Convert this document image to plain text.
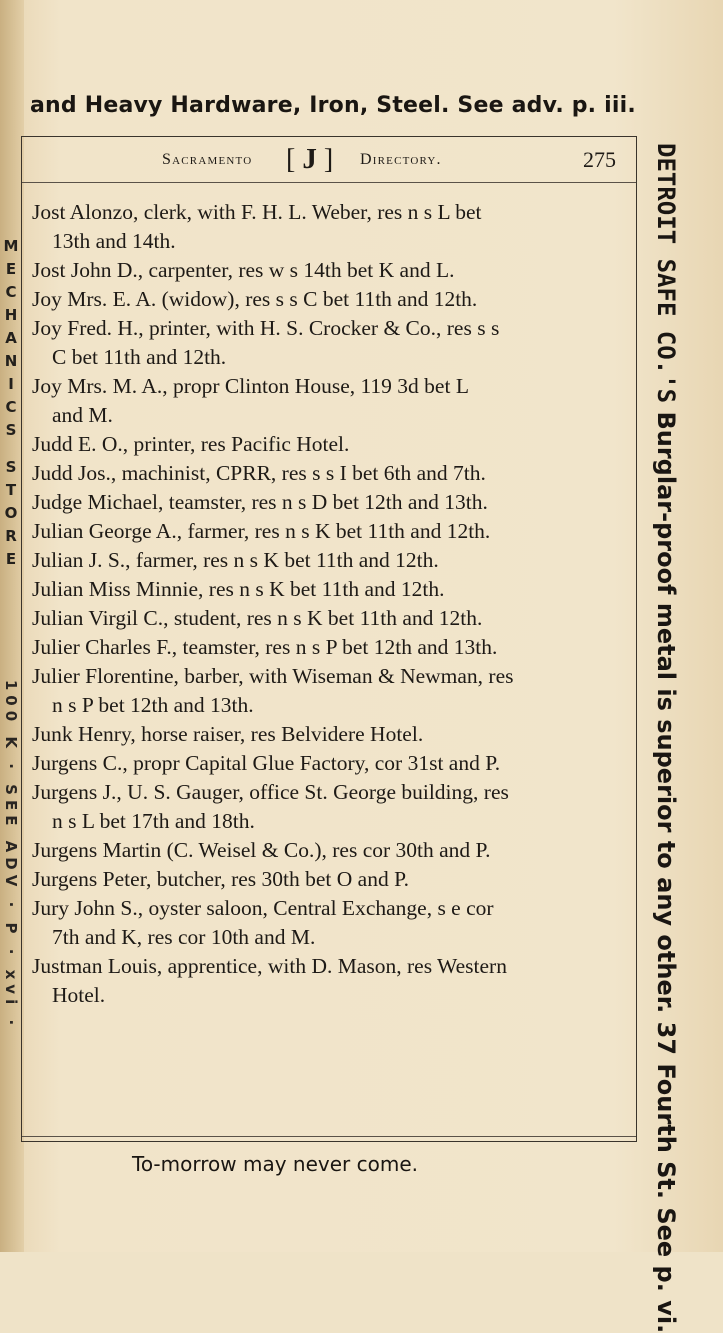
and Heavy Hardware, Iron, Steel. See adv. p. iii.
M
E
C
H
A
N
I
C
S
S
T
O
R
E
100 K · SEE ADV · P · xvi ·
DETROIT SAFE CO.'S Burglar-proof metal is superior to any other. 37 Fourth St. See p. vi.
Sacramento [ J ] Directory.	275
Jost Alonzo, clerk, with F. H. L. Weber, res n s L bet
13th and 14th.
Jost John D., carpenter, res w s 14th bet K and L.
Joy Mrs. E. A. (widow), res s s C bet 11th and 12th.
Joy Fred. H., printer, with H. S. Crocker & Co., res s s
C bet 11th and 12th.
Joy Mrs. M. A., propr Clinton House, 119 3d bet L
and M.
Judd E. O., printer, res Pacific Hotel.
Judd Jos., machinist, CPRR, res s s I bet 6th and 7th.
Judge Michael, teamster, res n s D bet 12th and 13th.
Julian George A., farmer, res n s K bet 11th and 12th.
Julian J. S., farmer, res n s K bet 11th and 12th.
Julian Miss Minnie, res n s K bet 11th and 12th.
Julian Virgil C., student, res n s K bet 11th and 12th.
Julier Charles F., teamster, res n s P bet 12th and 13th.
Julier Florentine, barber, with Wiseman & Newman, res
n s P bet 12th and 13th.
Junk Henry, horse raiser, res Belvidere Hotel.
Jurgens C., propr Capital Glue Factory, cor 31st and P.
Jurgens J., U. S. Gauger, office St. George building, res
n s L bet 17th and 18th.
Jurgens Martin (C. Weisel & Co.), res cor 30th and P.
Jurgens Peter, butcher, res 30th bet O and P.
Jury John S., oyster saloon, Central Exchange, s e cor
7th and K, res cor 10th and M.
Justman Louis, apprentice, with D. Mason, res Western
Hotel.
To-morrow may never come.
